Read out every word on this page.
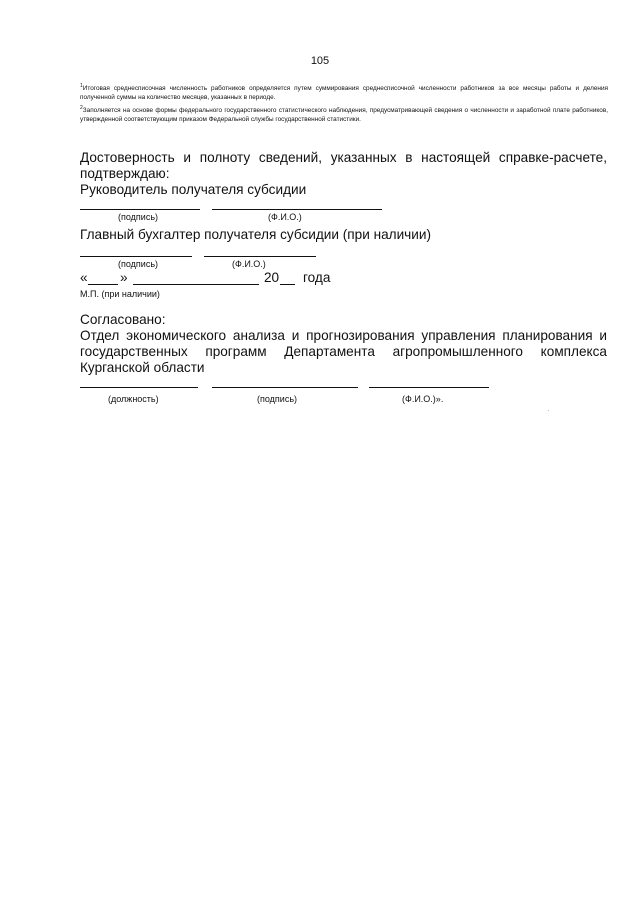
105
$^1$Итоговая среднесписочная численность работников определяется путем суммирования среднесписочной численности работников за все месяцы работы и деления полученной суммы на количество месяцев, указанных в периоде.
$^2$Заполняется на основе формы федерального государственного статистического наблюдения, предусматривающей сведения о численности и заработной плате работников, утвержденной соответствующим приказом Федеральной службы государственной статистики.
Достоверность и полноту сведений, указанных в настоящей справке-расчете,
подтверждаю:
Руководитель получателя субсидии
(подпись)	(Ф.И.О.)
Главный бухгалтер получателя субсидии (при наличии)
(подпись)	(Ф.И.О.)
« »	20 года
М.П. (при наличии)
Согласовано:
Отдел экономического анализа и прогнозирования управления планирования и
государственных программ Департамента агропромышленного комплекса
Курганской области
(должность)	(подпись)	(Ф.И.О.)».
